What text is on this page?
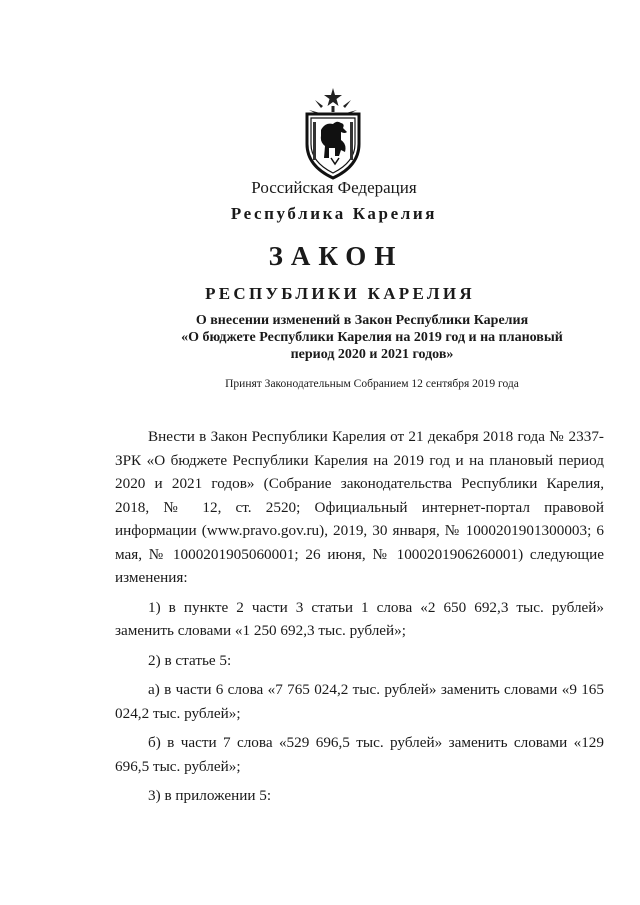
Российская Федерация
Республика Карелия
ЗАКОН
РЕСПУБЛИКИ КАРЕЛИЯ
О внесении изменений в Закон Республики Карелия
«О бюджете Республики Карелия на 2019 год и на плановый
период 2020 и 2021 годов»
Принят Законодательным Собранием 12 сентября 2019 года

Внести в Закон Республики Карелия от 21 декабря 2018 года № 2337-ЗРК «О бюджете Республики Карелия на 2019 год и на плановый период 2020 и 2021 годов» (Собрание законодательства Республики Карелия, 2018, № 12, ст. 2520; Официальный интернет-портал правовой информации (www.pravo.gov.ru), 2019, 30 января, № 1000201901300003; 6 мая, № 1000201905060001; 26 июня, № 1000201906260001) следующие изменения:

1) в пункте 2 части 3 статьи 1 слова «2 650 692,3 тыс. рублей» заменить словами «1 250 692,3 тыс. рублей»;

2) в статье 5:

а) в части 6 слова «7 765 024,2 тыс. рублей» заменить словами «9 165 024,2 тыс. рублей»;

б) в части 7 слова «529 696,5 тыс. рублей» заменить словами «129 696,5 тыс. рублей»;

3) в приложении 5:
